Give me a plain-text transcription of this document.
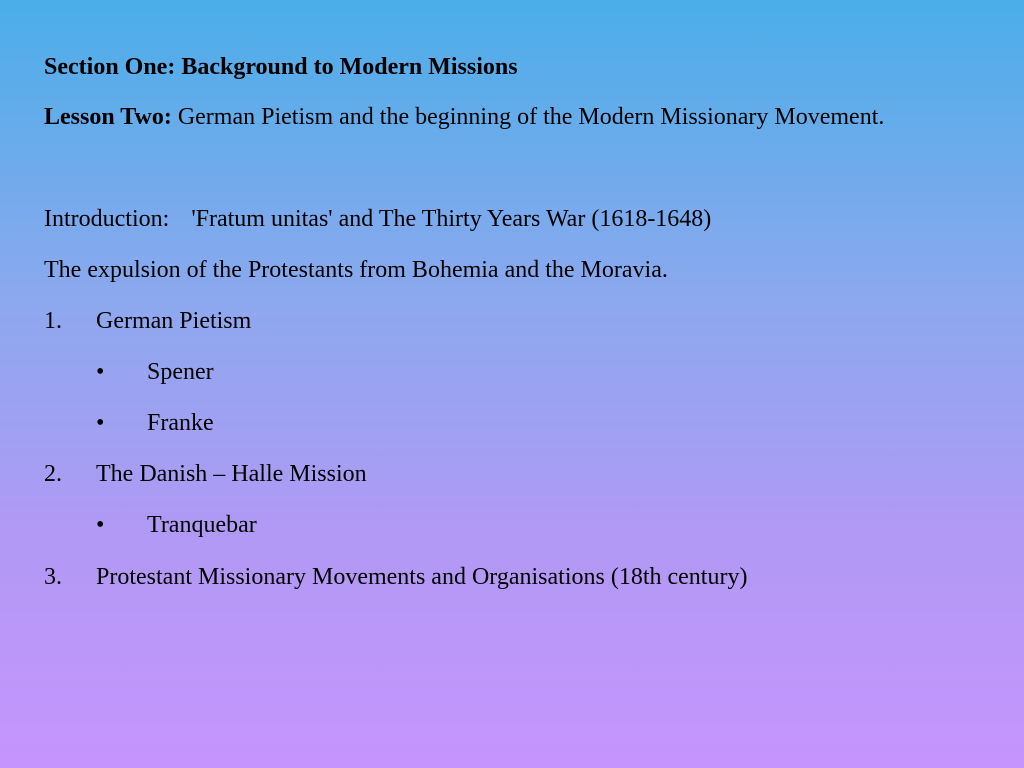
Section One: Background to Modern Missions
Lesson Two: German Pietism and the beginning of the Modern Missionary Movement.
Introduction: 'Fratum unitas' and The Thirty Years War (1618-1648)
The expulsion of the Protestants from Bohemia and the Moravia.
1. German Pietism
• Spener
• Franke
2. The Danish – Halle Mission
• Tranquebar
3. Protestant Missionary Movements and Organisations (18th century)
